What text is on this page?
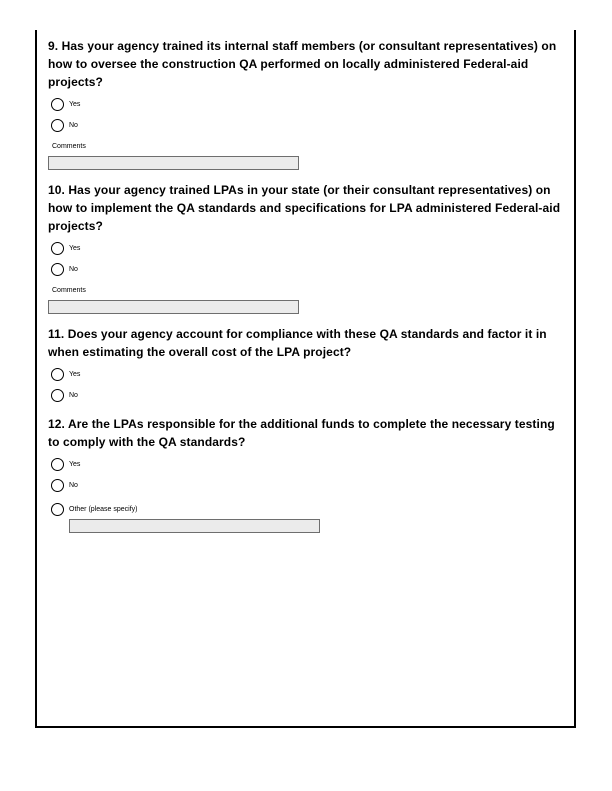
9. Has your agency trained its internal staff members (or consultant representatives) on how to oversee the construction QA performed on locally administered Federal-aid projects?
Yes
No
Comments
10. Has your agency trained LPAs in your state (or their consultant representatives) on how to implement the QA standards and specifications for LPA administered Federal-aid projects?
Yes
No
Comments
11. Does your agency account for compliance with these QA standards and factor it in when estimating the overall cost of the LPA project?
Yes
No
12. Are the LPAs responsible for the additional funds to complete the necessary testing to comply with the QA standards?
Yes
No
Other (please specify)
